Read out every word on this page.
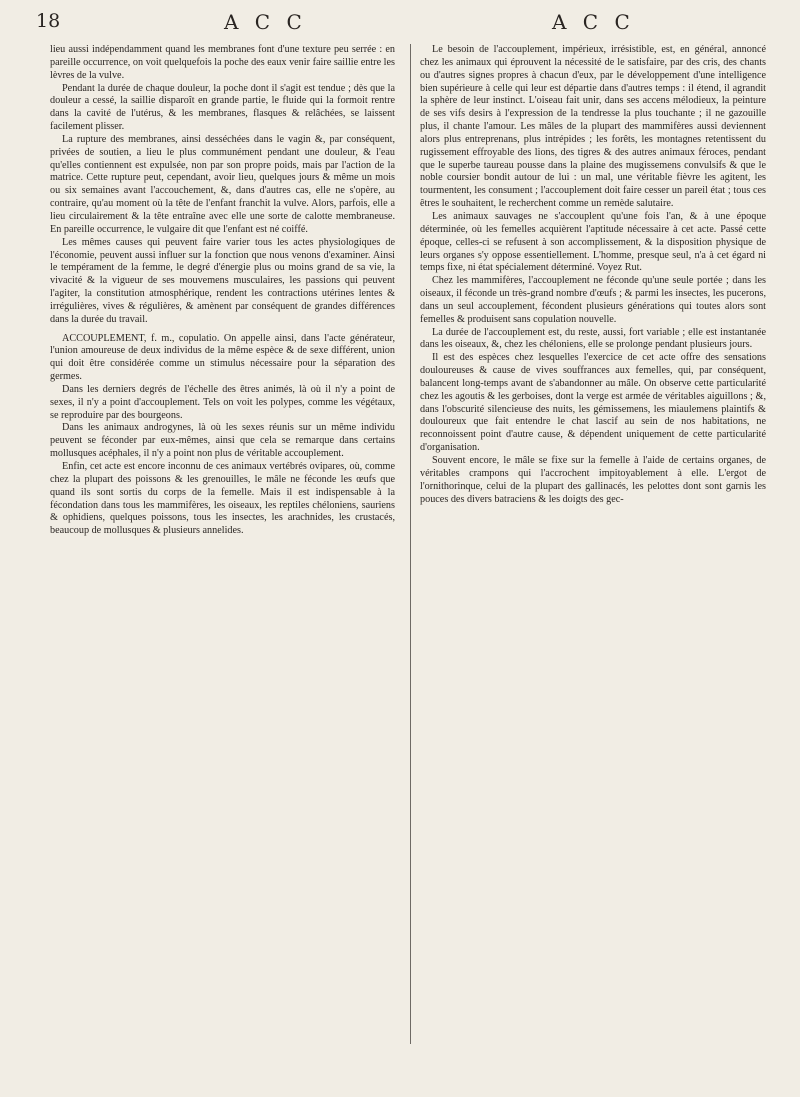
18	A C C	A C C

lieu aussi indépendamment quand les membranes font d'une texture peu serrée : en pareille occurrence, on voit quelquefois la poche des eaux venir faire saillie entre les lèvres de la vulve.

Pendant la durée de chaque douleur, la poche dont il s'agit est tendue ; dès que la douleur a cessé, la saillie disparoît en grande partie, le fluide qui la formoit rentre dans la cavité de l'utérus, & les membranes, flasques & relâchées, se laissent facilement plisser.

La rupture des membranes, ainsi desséchées dans le vagin &, par conséquent, privées de soutien, a lieu le plus communément pendant une douleur, & l'eau qu'elles contiennent est expulsée, non par son propre poids, mais par l'action de la matrice. Cette rupture peut, cependant, avoir lieu, quelques jours & même un mois ou six semaines avant l'accouchement, &, dans d'autres cas, elle ne s'opère, au contraire, qu'au moment où la tête de l'enfant franchit la vulve. Alors, parfois, elle a lieu circulairement & la tête entraîne avec elle une sorte de calotte membraneuse. En pareille occurrence, le vulgaire dit que l'enfant est né coiffé.

Les mêmes causes qui peuvent faire varier tous les actes physiologiques de l'économie, peuvent aussi influer sur la fonction que nous venons d'examiner. Ainsi le tempérament de la femme, le degré d'énergie plus ou moins grand de sa vie, la vivacité & la vigueur de ses mouvemens musculaires, les passions qui peuvent l'agiter, la constitution atmosphérique, rendent les contractions utérines lentes & irrégulières, vives & régulières, & amènent par conséquent de grandes différences dans la durée du travail.

ACCOUPLEMENT, f. m., copulatio. On appelle ainsi, dans l'acte générateur, l'union amoureuse de deux individus de la même espèce & de sexe différent, union qui doit être considérée comme un stimulus nécessaire pour la séparation des germes.

Dans les derniers degrés de l'échelle des êtres animés, là où il n'y a point de sexes, il n'y a point d'accouplement. Tels on voit les polypes, comme les végétaux, se reproduire par des bourgeons.

Dans les animaux androgynes, là où les sexes réunis sur un même individu peuvent se féconder par eux-mêmes, ainsi que cela se remarque dans certains mollusques acéphales, il n'y a point non plus de véritable accouplement.

Enfin, cet acte est encore inconnu de ces animaux vertébrés ovipares, où, comme chez la plupart des poissons & les grenouilles, le mâle ne féconde les œufs que quand ils sont sortis du corps de la femelle. Mais il est indispensable à la fécondation dans tous les mammifères, les oiseaux, les reptiles chéloniens, sauriens & ophidiens, quelques poissons, tous les insectes, les arachnides, les crustacés, beaucoup de mollusques & plusieurs annelides.

Le besoin de l'accouplement, impérieux, irrésistible, est, en général, annoncé chez les animaux qui éprouvent la nécessité de le satisfaire, par des cris, des chants ou d'autres signes propres à chacun d'eux, par le développement d'une intelligence bien supérieure à celle qui leur est départie dans d'autres temps : il étend, il agrandit la sphère de leur instinct. L'oiseau fait unir, dans ses accens mélodieux, la peinture de ses vifs desirs à l'expression de la tendresse la plus touchante ; il ne gazouille plus, il chante l'amour. Les mâles de la plupart des mammifères aussi deviennent alors plus entreprenans, plus intrépides ; les forêts, les montagnes retentissent du rugissement effroyable des lions, des tigres & des autres animaux féroces, pendant que le superbe taureau pousse dans la plaine des mugissemens convulsifs & que le noble coursier bondit autour de lui : un mal, une véritable fièvre les agitent, les tourmentent, les consument ; l'accouplement doit faire cesser un pareil état ; tous ces êtres le souhaitent, le recherchent comme un remède salutaire.

Les animaux sauvages ne s'accouplent qu'une fois l'an, & à une époque déterminée, où les femelles acquièrent l'aptitude nécessaire à cet acte. Passé cette époque, celles-ci se refusent à son accomplissement, & la disposition physique de leurs organes s'y oppose essentiellement. L'homme, presque seul, n'a à cet égard ni temps fixe, ni état spécialement déterminé. Voyez Rut.

Chez les mammifères, l'accouplement ne féconde qu'une seule portée ; dans les oiseaux, il féconde un très-grand nombre d'œufs ; & parmi les insectes, les pucerons, dans un seul accouplement, fécondent plusieurs générations qui toutes alors sont femelles & produisent sans copulation nouvelle.

La durée de l'accouplement est, du reste, aussi, fort variable ; elle est instantanée dans les oiseaux, &, chez les chéloniens, elle se prolonge pendant plusieurs jours.

Il est des espèces chez lesquelles l'exercice de cet acte offre des sensations douloureuses & cause de vives souffrances aux femelles, qui, par conséquent, balancent long-temps avant de s'abandonner au mâle. On observe cette particularité chez les agoutis & les gerboises, dont la verge est armée de véritables aiguillons ; &, dans l'obscurité silencieuse des nuits, les gémissemens, les miaulemens plaintifs & douloureux que fait entendre le chat lascif au sein de nos habitations, ne reconnoissent point d'autre cause, & dépendent uniquement de cette particularité d'organisation.

Souvent encore, le mâle se fixe sur la femelle à l'aide de certains organes, de véritables crampons qui l'accrochent impitoyablement à elle. L'ergot de l'ornithorinque, celui de la plupart des gallinacés, les pelottes dont sont garnis les pouces des divers batraciens & les doigts des gec-
